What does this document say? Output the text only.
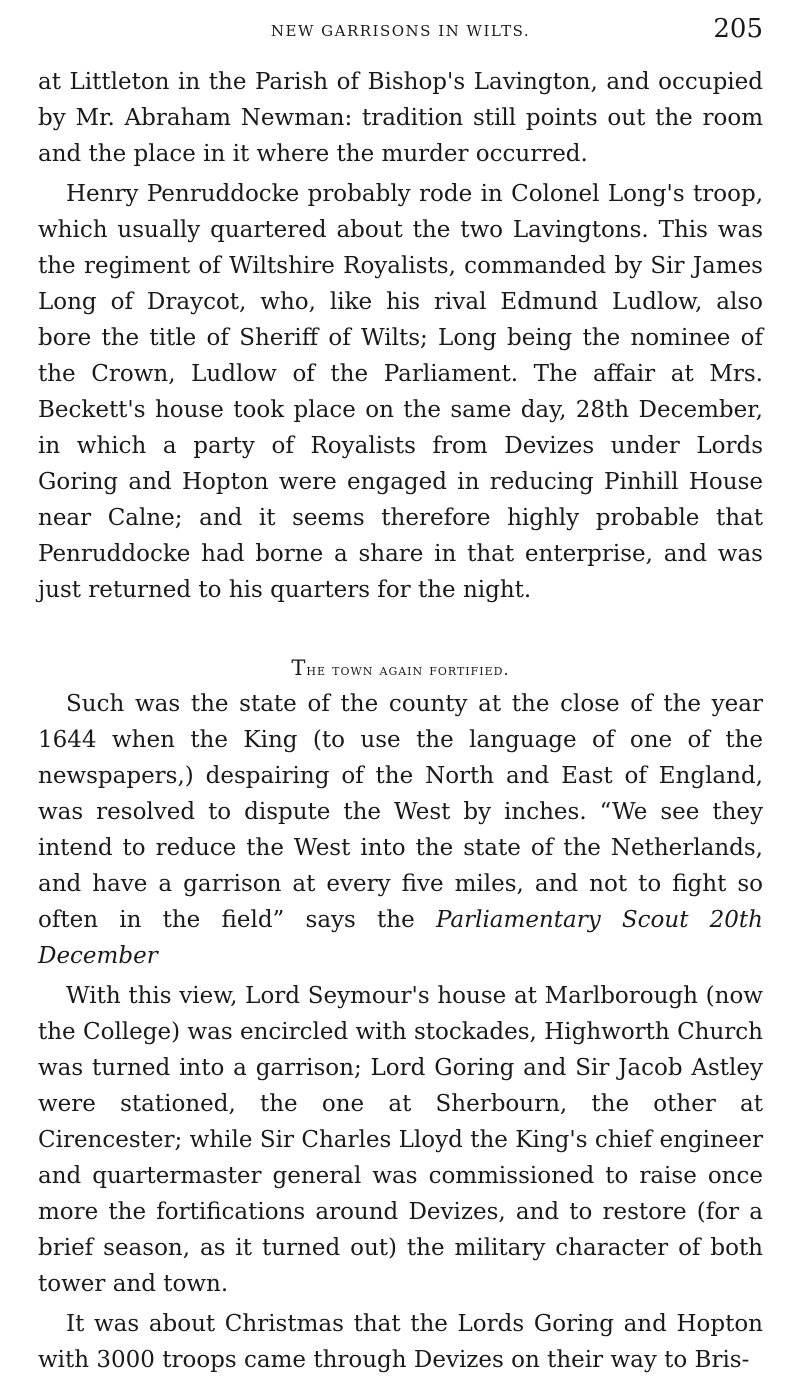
NEW GARRISONS IN WILTS.	205

at Littleton in the Parish of Bishop's Lavington, and occupied by Mr. Abraham Newman: tradition still points out the room and the place in it where the murder occurred.

Henry Penruddocke probably rode in Colonel Long's troop, which usually quartered about the two Lavingtons. This was the regiment of Wiltshire Royalists, commanded by Sir James Long of Draycot, who, like his rival Edmund Ludlow, also bore the title of Sheriff of Wilts; Long being the nominee of the Crown, Ludlow of the Parliament. The affair at Mrs. Beckett's house took place on the same day, 28th December, in which a party of Royalists from Devizes under Lords Goring and Hopton were engaged in reducing Pinhill House near Calne; and it seems therefore highly probable that Penruddocke had borne a share in that enterprise, and was just returned to his quarters for the night.

The town again fortified.

Such was the state of the county at the close of the year 1644 when the King (to use the language of one of the newspapers,) despairing of the North and East of England, was resolved to dispute the West by inches. “We see they intend to reduce the West into the state of the Netherlands, and have a garrison at every five miles, and not to fight so often in the field” says the Parliamentary Scout 20th December

With this view, Lord Seymour's house at Marlborough (now the College) was encircled with stockades, Highworth Church was turned into a garrison; Lord Goring and Sir Jacob Astley were stationed, the one at Sherbourn, the other at Cirencester; while Sir Charles Lloyd the King's chief engineer and quartermaster general was commissioned to raise once more the fortifications around Devizes, and to restore (for a brief season, as it turned out) the military character of both tower and town.

It was about Christmas that the Lords Goring and Hopton with 3000 troops came through Devizes on their way to Bris-
